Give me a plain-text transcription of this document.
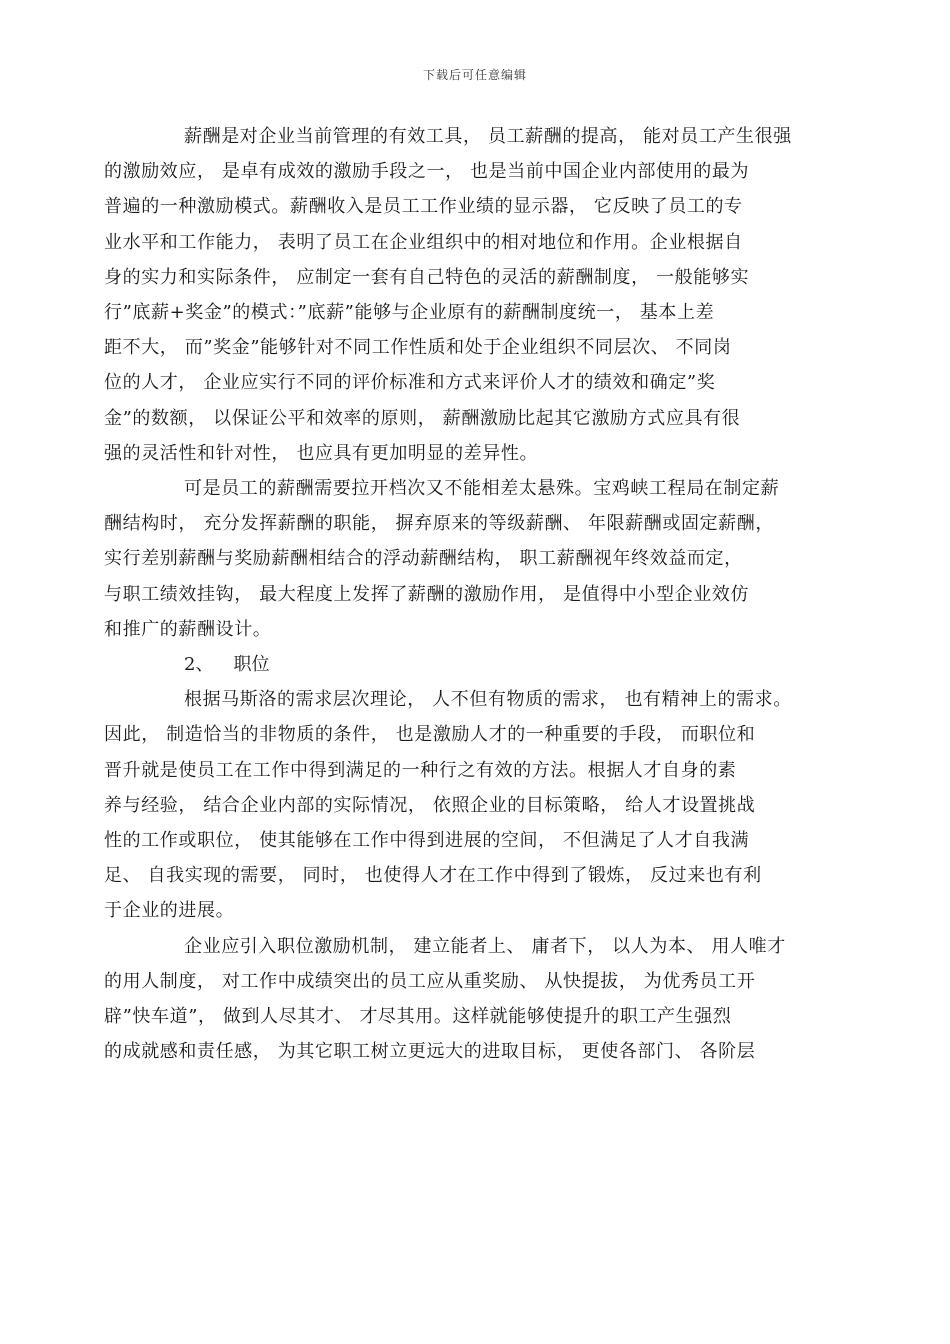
下载后可任意编辑
薪酬是对企业当前管理的有效工具， 员工薪酬的提高， 能对员工产生很强
的激励效应， 是卓有成效的激励手段之一， 也是当前中国企业内部使用的最为
普遍的一种激励模式。薪酬收入是员工工作业绩的显示器， 它反映了员工的专
业水平和工作能力， 表明了员工在企业组织中的相对地位和作用。企业根据自
身的实力和实际条件， 应制定一套有自己特色的灵活的薪酬制度， 一般能够实
行”底薪+奖金”的模式：”底薪”能够与企业原有的薪酬制度统一， 基本上差
距不大， 而”奖金”能够针对不同工作性质和处于企业组织不同层次、 不同岗
位的人才， 企业应实行不同的评价标准和方式来评价人才的绩效和确定”奖
金”的数额， 以保证公平和效率的原则， 薪酬激励比起其它激励方式应具有很
强的灵活性和针对性， 也应具有更加明显的差异性。
可是员工的薪酬需要拉开档次又不能相差太悬殊。宝鸡峡工程局在制定薪
酬结构时， 充分发挥薪酬的职能， 摒弃原来的等级薪酬、 年限薪酬或固定薪酬，
实行差别薪酬与奖励薪酬相结合的浮动薪酬结构， 职工薪酬视年终效益而定，
与职工绩效挂钩， 最大程度上发挥了薪酬的激励作用， 是值得中小型企业效仿
和推广的薪酬设计。
2、 职位
根据马斯洛的需求层次理论， 人不但有物质的需求， 也有精神上的需求。
因此， 制造恰当的非物质的条件， 也是激励人才的一种重要的手段， 而职位和
晋升就是使员工在工作中得到满足的一种行之有效的方法。根据人才自身的素
养与经验， 结合企业内部的实际情况， 依照企业的目标策略， 给人才设置挑战
性的工作或职位， 使其能够在工作中得到进展的空间， 不但满足了人才自我满
足、 自我实现的需要， 同时， 也使得人才在工作中得到了锻炼， 反过来也有利
于企业的进展。
企业应引入职位激励机制， 建立能者上、 庸者下， 以人为本、 用人唯才
的用人制度， 对工作中成绩突出的员工应从重奖励、 从快提拔， 为优秀员工开
辟”快车道”， 做到人尽其才、 才尽其用。这样就能够使提升的职工产生强烈
的成就感和责任感， 为其它职工树立更远大的进取目标， 更使各部门、 各阶层
